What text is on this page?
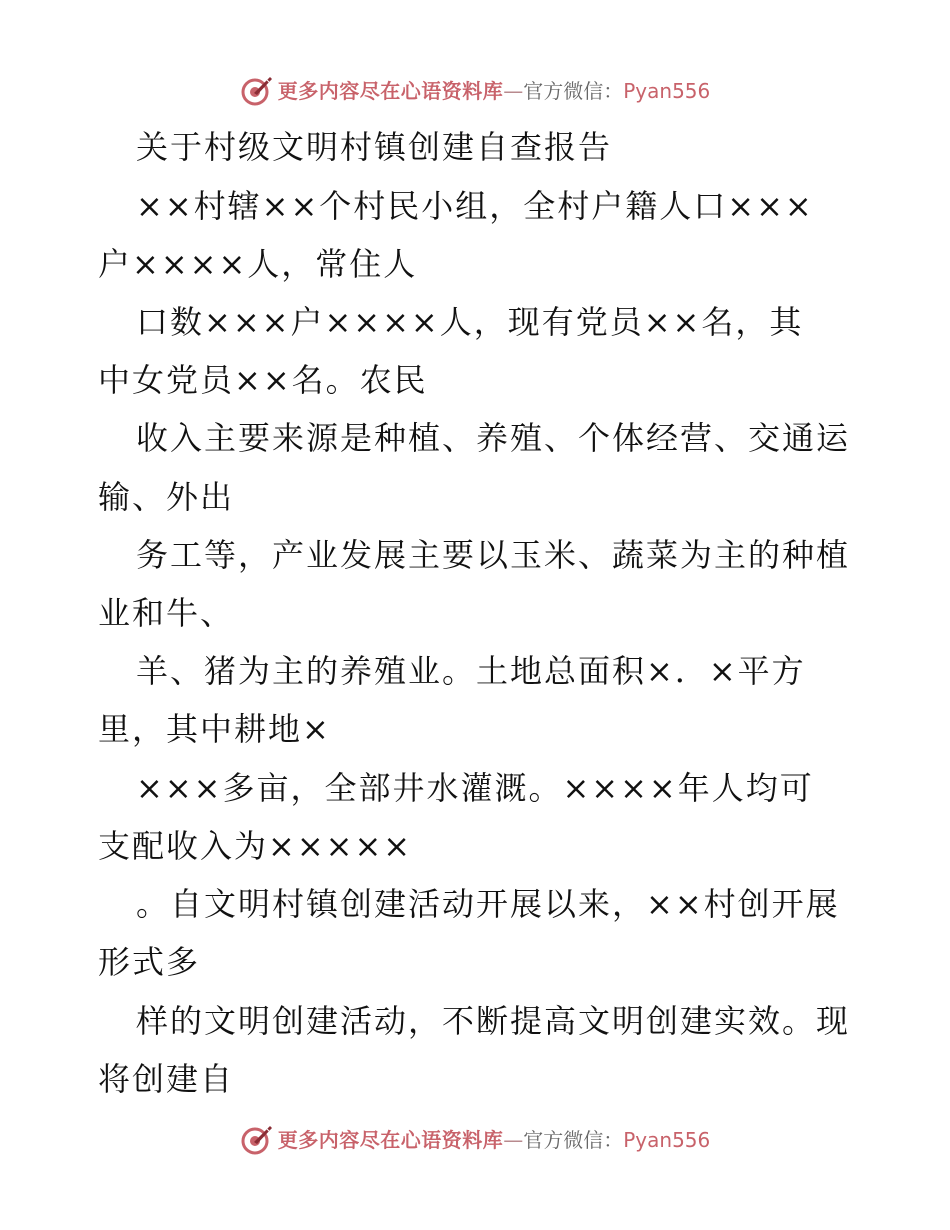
更多内容尽在心语资料库 — 官方微信： Pyan556
关于村级文明村镇创建自查报告
××村辖××个村民小组，全村户籍人口×××
户××××人，常住人
口数×××户××××人，现有党员××名，其
中女党员××名。农民
收入主要来源是种植、养殖、个体经营、交通运
输、外出
务工等，产业发展主要以玉米、蔬菜为主的种植
业和牛、
羊、猪为主的养殖业。土地总面积×．×平方
里，其中耕地×
×××多亩，全部井水灌溉。××××年人均可
支配收入为×××××
。自文明村镇创建活动开展以来，××村创开展
形式多
样的文明创建活动，不断提高文明创建实效。现
将创建自
更多内容尽在心语资料库 — 官方微信： Pyan556
